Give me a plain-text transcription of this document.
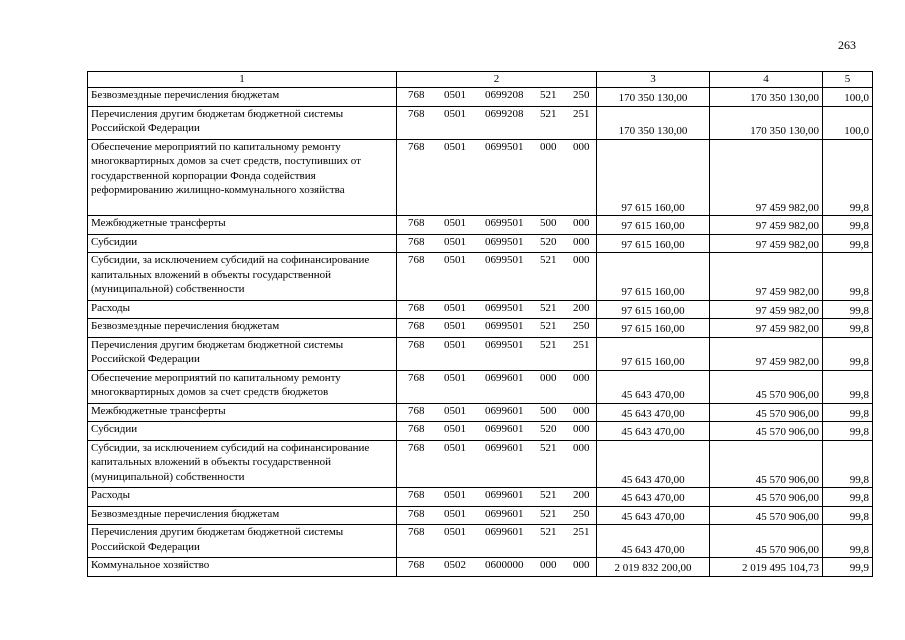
263
1	2	3	4	5
Безвозмездные перечисления бюджетам	768 0501 0699208 521 250	170 350 130,00	170 350 130,00	100,0
Перечисления другим бюджетам бюджетной системы Российской Федерации	768 0501 0699208 521 251	170 350 130,00	170 350 130,00	100,0
Обеспечение мероприятий по капитальному ремонту многоквартирных домов за счет средств, поступивших от государственной корпорации Фонда содействия реформированию жилищно-коммунального хозяйства	768 0501 0699501 000 000	97 615 160,00	97 459 982,00	99,8
Межбюджетные трансферты	768 0501 0699501 500 000	97 615 160,00	97 459 982,00	99,8
Субсидии	768 0501 0699501 520 000	97 615 160,00	97 459 982,00	99,8
Субсидии, за исключением субсидий на софинансирование капитальных вложений в объекты государственной (муниципальной) собственности	768 0501 0699501 521 000	97 615 160,00	97 459 982,00	99,8
Расходы	768 0501 0699501 521 200	97 615 160,00	97 459 982,00	99,8
Безвозмездные перечисления бюджетам	768 0501 0699501 521 250	97 615 160,00	97 459 982,00	99,8
Перечисления другим бюджетам бюджетной системы Российской Федерации	768 0501 0699501 521 251	97 615 160,00	97 459 982,00	99,8
Обеспечение мероприятий по капитальному ремонту многоквартирных домов за счет средств бюджетов	768 0501 0699601 000 000	45 643 470,00	45 570 906,00	99,8
Межбюджетные трансферты	768 0501 0699601 500 000	45 643 470,00	45 570 906,00	99,8
Субсидии	768 0501 0699601 520 000	45 643 470,00	45 570 906,00	99,8
Субсидии, за исключением субсидий на софинансирование капитальных вложений в объекты государственной (муниципальной) собственности	768 0501 0699601 521 000	45 643 470,00	45 570 906,00	99,8
Расходы	768 0501 0699601 521 200	45 643 470,00	45 570 906,00	99,8
Безвозмездные перечисления бюджетам	768 0501 0699601 521 250	45 643 470,00	45 570 906,00	99,8
Перечисления другим бюджетам бюджетной системы Российской Федерации	768 0501 0699601 521 251	45 643 470,00	45 570 906,00	99,8
Коммунальное хозяйство	768 0502 0600000 000 000	2 019 832 200,00	2 019 495 104,73	99,9
